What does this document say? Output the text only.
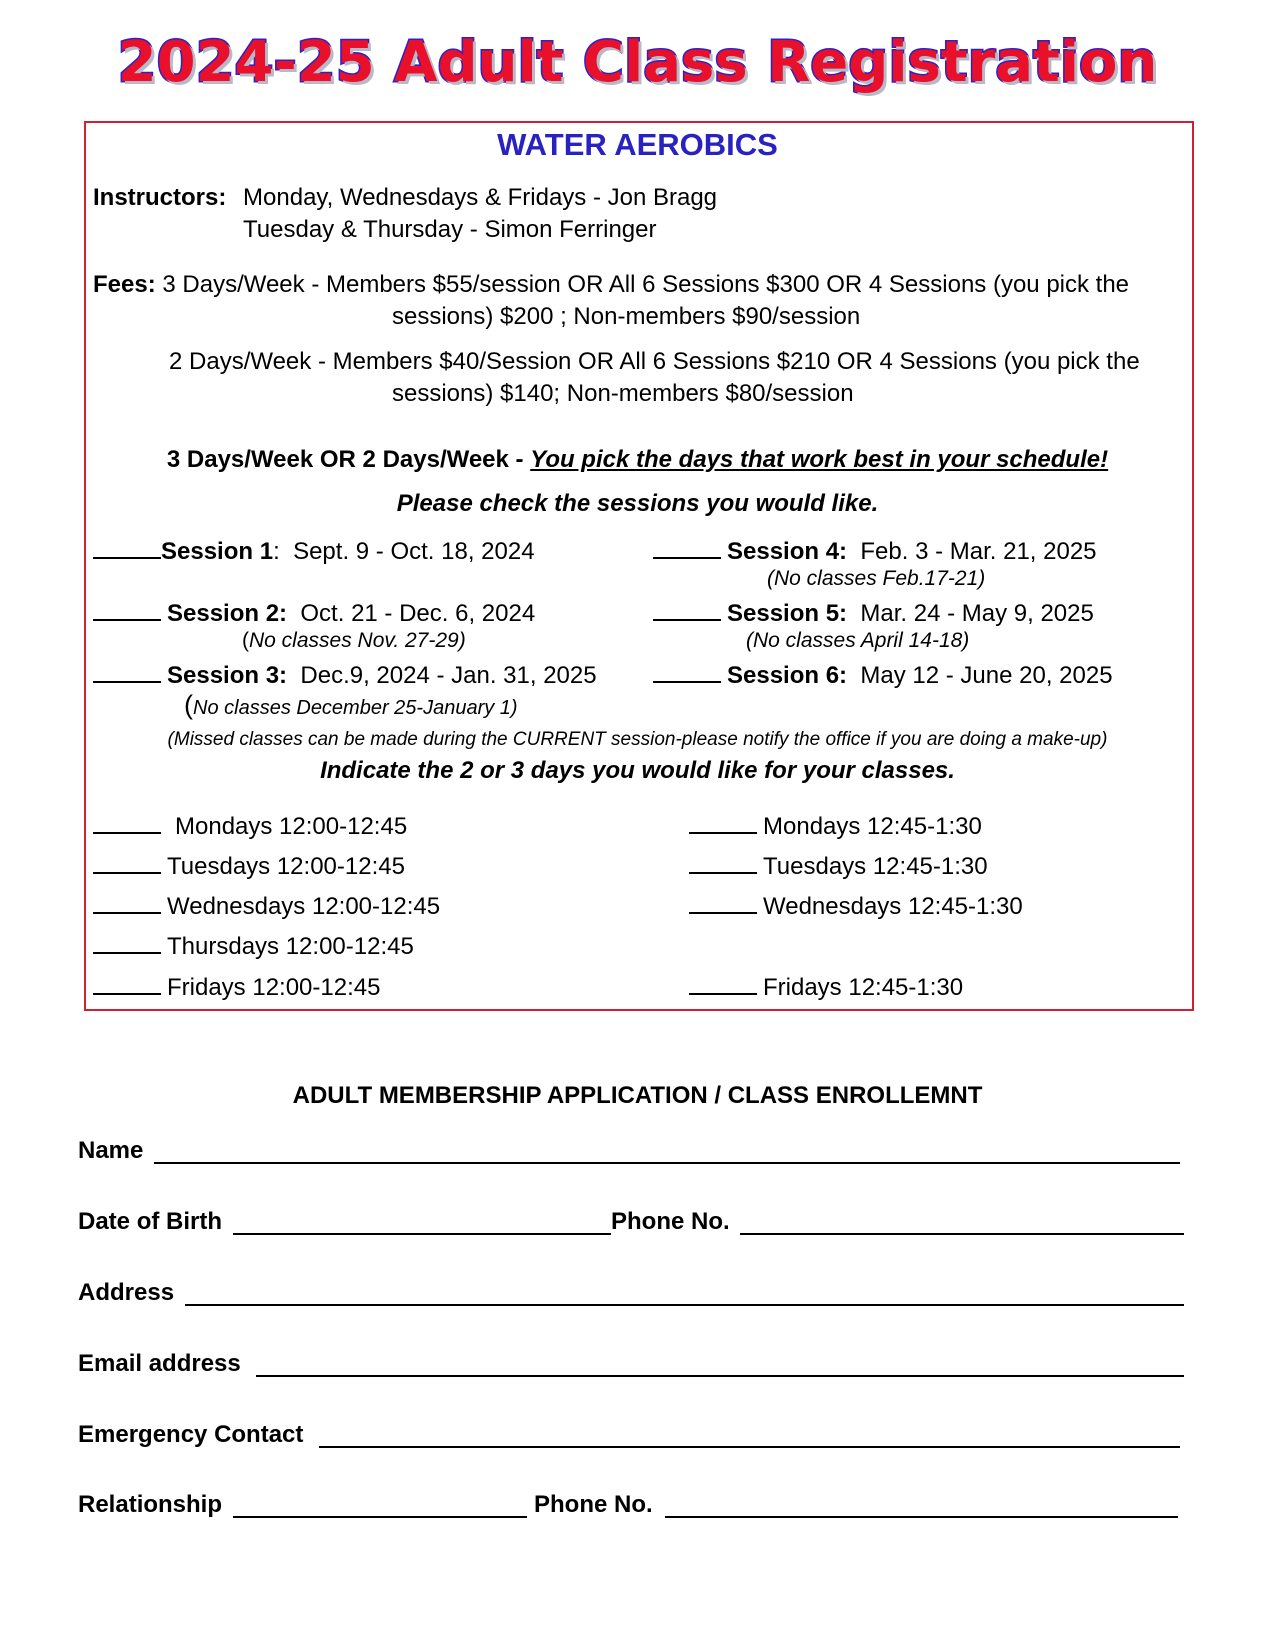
2024-25 Adult Class Registration
WATER AEROBICS
Instructors: Monday, Wednesdays & Fridays - Jon Bragg
Tuesday & Thursday - Simon Ferringer
Fees: 3 Days/Week - Members $55/session OR All 6 Sessions $300 OR 4 Sessions (you pick the
sessions) $200 ; Non-members $90/session
2 Days/Week - Members $40/Session OR All 6 Sessions $210 OR 4 Sessions (you pick the
sessions) $140; Non-members $80/session
3 Days/Week OR 2 Days/Week - You pick the days that work best in your schedule!
Please check the sessions you would like.
Session 1: Sept. 9 - Oct. 18, 2024
Session 2: Oct. 21 - Dec. 6, 2024
(No classes Nov. 27-29)
Session 3: Dec.9, 2024 - Jan. 31, 2025
(No classes December 25-January 1)
Session 4: Feb. 3 - Mar. 21, 2025
(No classes Feb.17-21)
Session 5: Mar. 24 - May 9, 2025
(No classes April 14-18)
Session 6: May 12 - June 20, 2025
(Missed classes can be made during the CURRENT session-please notify the office if you are doing a make-up)
Indicate the 2 or 3 days you would like for your classes.
Mondays 12:00-12:45
Tuesdays 12:00-12:45
Wednesdays 12:00-12:45
Thursdays 12:00-12:45
Fridays 12:00-12:45
Mondays 12:45-1:30
Tuesdays 12:45-1:30
Wednesdays 12:45-1:30
Fridays 12:45-1:30
ADULT MEMBERSHIP APPLICATION / CLASS ENROLLEMNT
Name
Date of Birth	Phone No.
Address
Email address
Emergency Contact
Relationship	Phone No.
